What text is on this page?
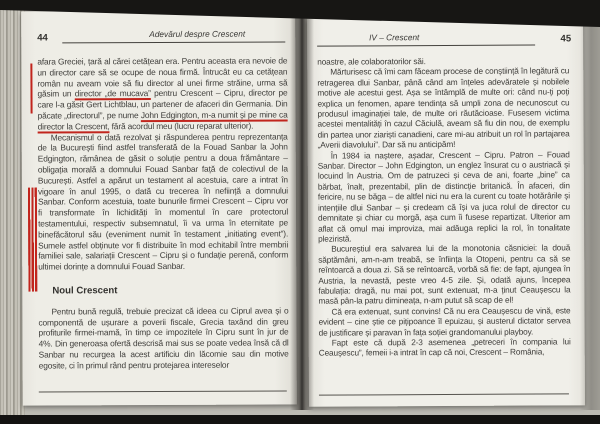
44	Adevărul despre Crescent

afara Greciei, țară al cărei cetățean era. Pentru aceasta era nevoie de un director care să se ocupe de noua firmă. Întrucât eu ca cetățean român nu aveam voie să fiu director al unei firme străine, urma să găsim un director „de mucava” pentru Crescent – Cipru, director pe care l-a găsit Gert Lichtblau, un partener de afaceri din Germania. Din păcate „directorul”, pe nume John Edgington, m-a numit și pe mine ca director la Crescent, fără acordul meu (lucru reparat ulterior).

Mecanismul o dată rezolvat și răspunderea pentru reprezentanța de la București fiind astfel transferată de la Fouad Sanbar la John Edgington, rămânea de găsit o soluție pentru a doua frământare – obligația morală a domnului Fouad Sanbar față de colectivul de la București. Astfel a apărut un testament al acestuia, care a intrat în vigoare în anul 1995, o dată cu trecerea în neființă a domnului Sanbar. Conform acestuia, toate bunurile firmei Crescent – Cipru vor fi transformate în lichidități în momentul în care protectorul testamentului, respectiv subsemnatul, îi va urma în eternitate pe binefăcătorul său (eveniment numit în testament „initiating event”). Sumele astfel obținute vor fi distribuite în mod echitabil între membrii familiei sale, salariații Crescent – Cipru și o fundație perenă, conform ultimei dorințe a domnului Fouad Sanbar.

Noul Crescent

Pentru bună regulă, trebuie precizat că ideea cu Ciprul avea și o componentă de ușurare a poverii fiscale, Grecia taxând din greu profiturile firmei-mamă, în timp ce impozitele în Cipru sunt în jur de 4%. Din generoasa ofertă descrisă mai sus se poate vedea însă că dl Sanbar nu recurgea la acest artificiu din lăcomie sau din motive egosite, ci în primul rând pentru protejarea intereselor

IV – Crescent	45

noastre, ale colaboratorilor săi.

Mărturisesc că îmi cam făceam procese de conștiință în legătură cu retragerea dlui Sanbar, până când am înțeles adevăratele și nobilele motive ale acestui gest. Așa se întâmplă de multe ori: când nu-ți poți explica un fenomen, apare tendința să umpli zona de necunoscut cu produsul imaginației tale, de multe ori răutăcioase. Fusesem victima acestei mentalități în cazul Căciulă, aveam să fiu din nou, de exemplu din partea unor ziariști canadieni, care mi-au atribuit un rol în partajarea „Averii diavolului”. Dar să nu anticipăm!

În 1984 ia naștere, așadar, Crescent – Cipru. Patron – Fouad Sanbar. Director – John Edgington, un englez însurat cu o austriacă și locuind în Austria. Om de patruzeci și ceva de ani, foarte „bine” ca bărbat, înalt, prezentabil, plin de distincție britanică. În afaceri, din fericire, nu se băga – de altfel nici nu era la curent cu toate hotărârile și intențiile dlui Sanbar – și credeam că își va juca rolul de director cu demnitate și chiar cu morgă, așa cum îi fusese repartizat. Ulterior am aflat că omul mai improviza, mai adăuga replici la rol, în tonalitate pleziristă.

Bucureștiul era salvarea lui de la monotonia căsniciei: la două săptămâni, am-n-am treabă, se înființa la Otopeni, pentru ca să se reîntoarcă a doua zi. Să se reîntoarcă, vorbă să fie: de fapt, ajungea în Austria, la nevastă, peste vreo 4-5 zile. Și, odată ajuns, începea fabulația: dragă, nu mai pot, sunt extenuat, m-a ținut Ceaușescu la masă pân-la patru dimineața, n-am putut să scap de el!

Că era extenuat, sunt convins! Că nu era Ceaușescu de vină, este evident – cine știe ce pițipoance îl epuizau, și austerul dictator servea de justificare și paravan în fața soției grandomanului playboy.

Fapt este că după 2-3 asemenea „petreceri în compania lui Ceaușescu”, femeii i-a intrat în cap că noi, Crescent – România,
